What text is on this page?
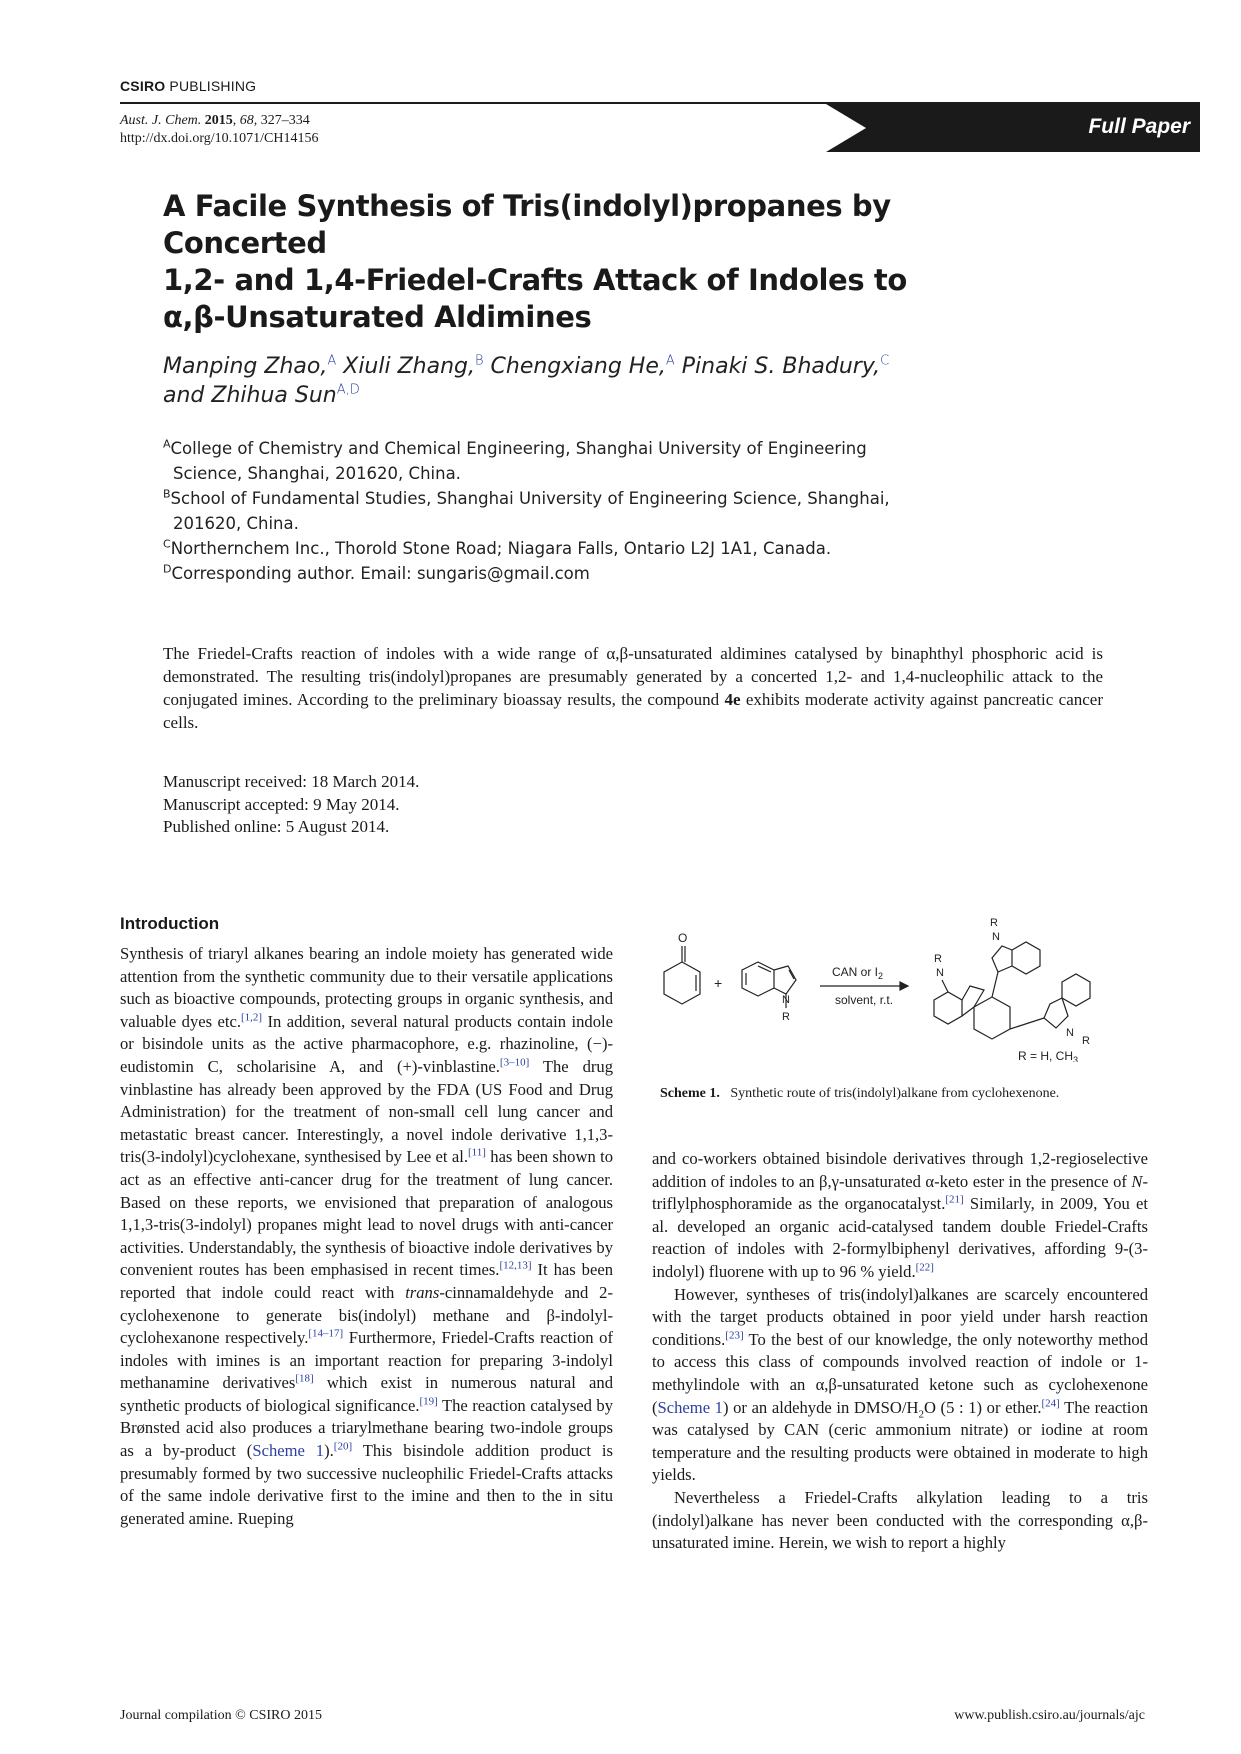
CSIRO PUBLISHING
Aust. J. Chem. 2015, 68, 327–334
http://dx.doi.org/10.1071/CH14156
Full Paper
A Facile Synthesis of Tris(indolyl)propanes by Concerted
1,2- and 1,4-Friedel-Crafts Attack of Indoles to
α,β-Unsaturated Aldimines
Manping Zhao,$^A$ Xiuli Zhang,$^B$ Chengxiang He,$^A$ Pinaki S. Bhadury,$^C$
and Zhihua Sun$^{A,D}$

$^A$College of Chemistry and Chemical Engineering, Shanghai University of Engineering

Science, Shanghai, 201620, China.

$^B$School of Fundamental Studies, Shanghai University of Engineering Science, Shanghai,

201620, China.

$^C$Northernchem Inc., Thorold Stone Road; Niagara Falls, Ontario L2J 1A1, Canada.

$^D$Corresponding author. Email: sungaris@gmail.com

The Friedel-Crafts reaction of indoles with a wide range of α,β-unsaturated aldimines catalysed by binaphthyl phosphoric acid is demonstrated. The resulting tris(indolyl)propanes are presumably generated by a concerted 1,2- and 1,4-nucleophilic attack to the conjugated imines. According to the preliminary bioassay results, the compound 4e exhibits moderate activity against pancreatic cancer cells.
Manuscript received: 18 March 2014.
Manuscript accepted: 9 May 2014.
Published online: 5 August 2014.
Introduction

Synthesis of triaryl alkanes bearing an indole moiety has generated wide attention from the synthetic community due to their versatile applications such as bioactive compounds, protecting groups in organic synthesis, and valuable dyes etc.[1,2] In addition, several natural products contain indole or bisindole units as the active pharmacophore, e.g. rhazinoline, (−)-eudistomin C, scholarisine A, and (+)-vinblastine.[3–10] The drug vinblastine has already been approved by the FDA (US Food and Drug Administration) for the treatment of non-small cell lung cancer and metastatic breast cancer. Interestingly, a novel indole derivative 1,1,3-tris(3-indolyl)cyclohexane, synthesised by Lee et al.[11] has been shown to act as an effective anti-cancer drug for the treatment of lung cancer. Based on these reports, we envisioned that preparation of analogous 1,1,3-tris(3-indolyl) propanes might lead to novel drugs with anti-cancer activities. Understandably, the synthesis of bioactive indole derivatives by convenient routes has been emphasised in recent times.[12,13] It has been reported that indole could react with trans-cinnamaldehyde and 2-cyclohexenone to generate bis(indolyl) methane and β-indolyl-cyclohexanone respectively.[14–17] Furthermore, Friedel-Crafts reaction of indoles with imines is an important reaction for preparing 3-indolyl methanamine derivatives[18] which exist in numerous natural and synthetic products of biological significance.[19] The reaction catalysed by Brønsted acid also produces a triarylmethane bearing two-indole groups as a by-product (Scheme 1).[20] This bisindole addition product is presumably formed by two successive nucleophilic Friedel-Crafts attacks of the same indole derivative first to the imine and then to the in situ generated amine. Rueping

O
+
N
R
CAN or $I_2$
solvent, r.t.
N
R
N
R
N
R
R = H, $CH_3$
Scheme 1. Synthetic route of tris(indolyl)alkane from cyclohexenone.

and co-workers obtained bisindole derivatives through 1,2-regioselective addition of indoles to an β,γ-unsaturated α-keto ester in the presence of N-triflylphosphoramide as the organocatalyst.[21] Similarly, in 2009, You et al. developed an organic acid-catalysed tandem double Friedel-Crafts reaction of indoles with 2-formylbiphenyl derivatives, affording 9-(3-indolyl) fluorene with up to 96 % yield.[22]

However, syntheses of tris(indolyl)alkanes are scarcely encountered with the target products obtained in poor yield under harsh reaction conditions.[23] To the best of our knowledge, the only noteworthy method to access this class of compounds involved reaction of indole or 1-methylindole with an α,β-unsaturated ketone such as cyclohexenone (Scheme 1) or an aldehyde in DMSO/$H_2O$ (5 : 1) or ether.[24] The reaction was catalysed by CAN (ceric ammonium nitrate) or iodine at room temperature and the resulting products were obtained in moderate to high yields.

Nevertheless a Friedel-Crafts alkylation leading to a tris (indolyl)alkane has never been conducted with the corresponding α,β-unsaturated imine. Herein, we wish to report a highly

Journal compilation © CSIRO 2015	www.publish.csiro.au/journals/ajc
